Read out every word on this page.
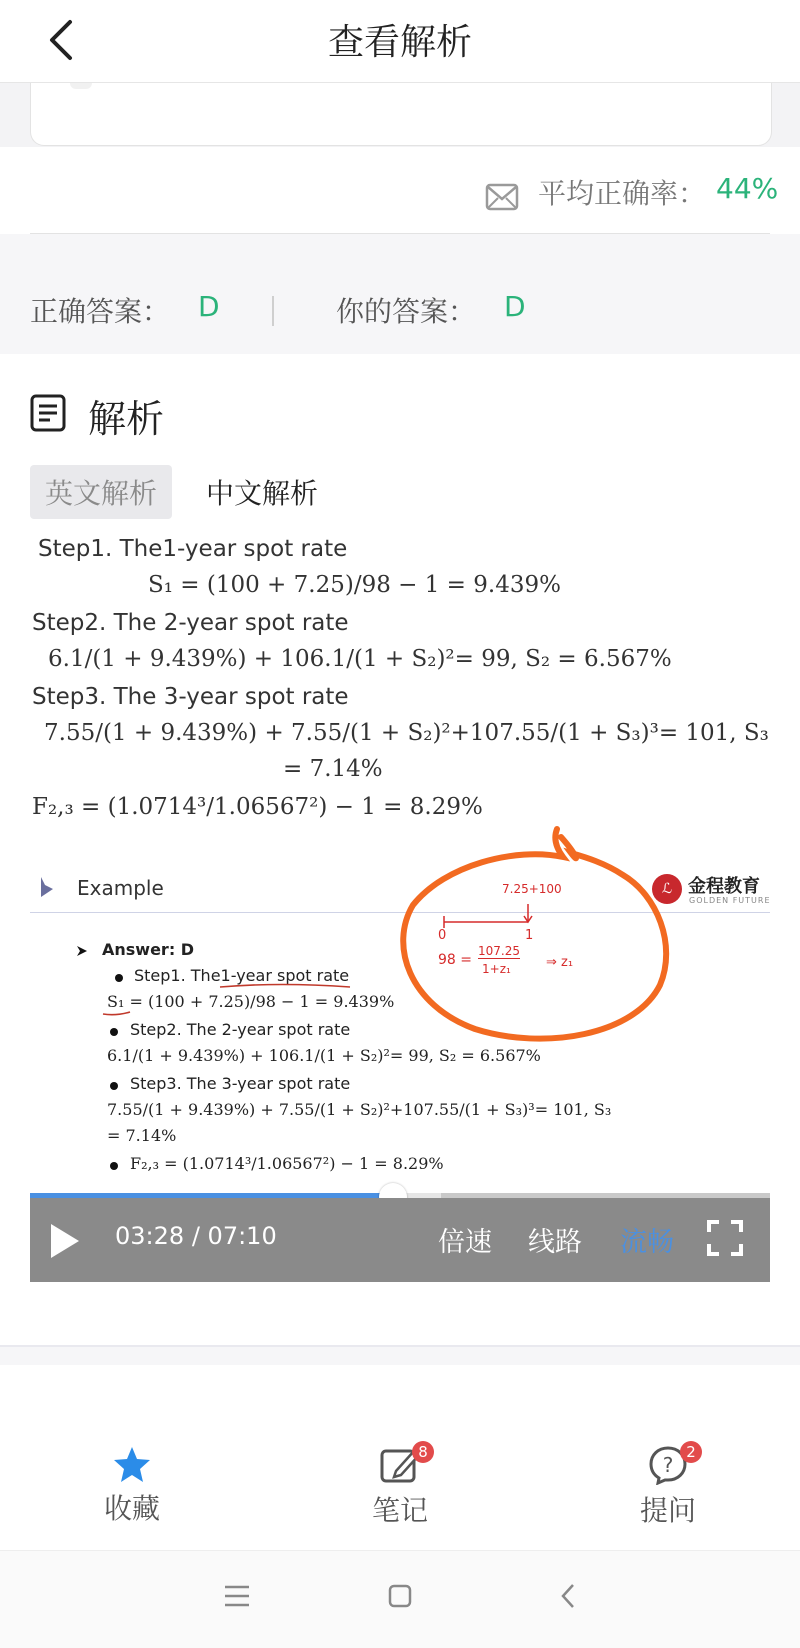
查看解析
平均正确率： 44%
正确答案： D	你的答案： D
解析
英文解析	中文解析
Step1. The1-year spot rate
S₁ = (100 + 7.25)/98 − 1 = 9.439%
Step2. The 2-year spot rate
6.1/(1 + 9.439%) + 106.1/(1 + S₂)²= 99, S₂ = 6.567%
Step3. The 3-year spot rate
7.55/(1 + 9.439%) + 7.55/(1 + S₂)²+107.55/(1 + S₃)³= 101, S₃
= 7.14%
F₂,₃ = (1.0714³/1.06567²) − 1 = 8.29%
Example	ℒ 金程教育
GOLDEN FUTURE
Answer: D
Step1. The1-year spot rate
S₁ = (100 + 7.25)/98 − 1 = 9.439%
Step2. The 2-year spot rate
6.1/(1 + 9.439%) + 106.1/(1 + S₂)²= 99, S₂ = 6.567%
Step3. The 3-year spot rate
7.55/(1 + 9.439%) + 7.55/(1 + S₂)²+107.55/(1 + S₃)³= 101, S₃
= 7.14%
F₂,₃ = (1.0714³/1.06567²) − 1 = 8.29%
7.25+100
0	1
98 =
107.25
1+z₁	⇒ z₁
03:28 / 07:10	倍速 线路 流畅
收藏	笔记
8
?
提问
2
